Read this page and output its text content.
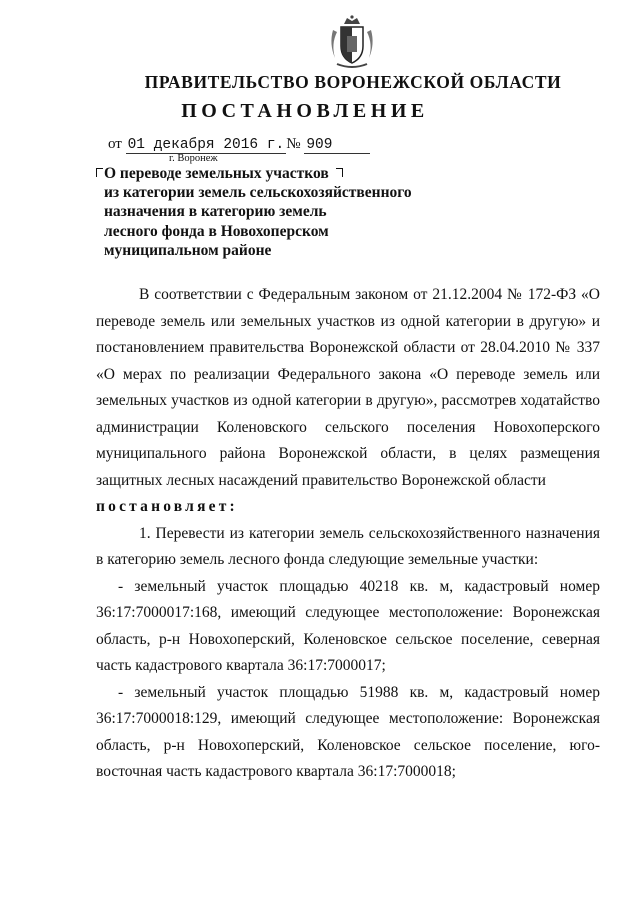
ПРАВИТЕЛЬСТВО ВОРОНЕЖСКОЙ ОБЛАСТИ
ПОСТАНОВЛЕНИЕ
от 01 декабря 2016 г. № 909
г. Воронеж
О переводе земельных участков
из категории земель сельскохозяйственного
назначения в категорию земель
лесного фонда в Новохоперском
муниципальном районе

В соответствии с Федеральным законом от 21.12.2004 № 172-ФЗ «О переводе земель или земельных участков из одной категории в другую» и постановлением правительства Воронежской области от 28.04.2010 № 337 «О мерах по реализации Федерального закона «О переводе земель или земельных участков из одной категории в другую», рассмотрев ходатайство администрации Коленовского сельского поселения Новохоперского муниципального района Воронежской области, в целях размещения защитных лесных насаждений правительство Воронежской области

постановляет:

1. Перевести из категории земель сельскохозяйственного назначения в категорию земель лесного фонда следующие земельные участки:

- земельный участок площадью 40218 кв. м, кадастровый номер 36:17:7000017:168, имеющий следующее местоположение: Воронежская область, р-н Новохоперский, Коленовское сельское поселение, северная часть кадастрового квартала 36:17:7000017;

- земельный участок площадью 51988 кв. м, кадастровый номер 36:17:7000018:129, имеющий следующее местоположение: Воронежская область, р-н Новохоперский, Коленовское сельское поселение, юго-восточная часть кадастрового квартала 36:17:7000018;
